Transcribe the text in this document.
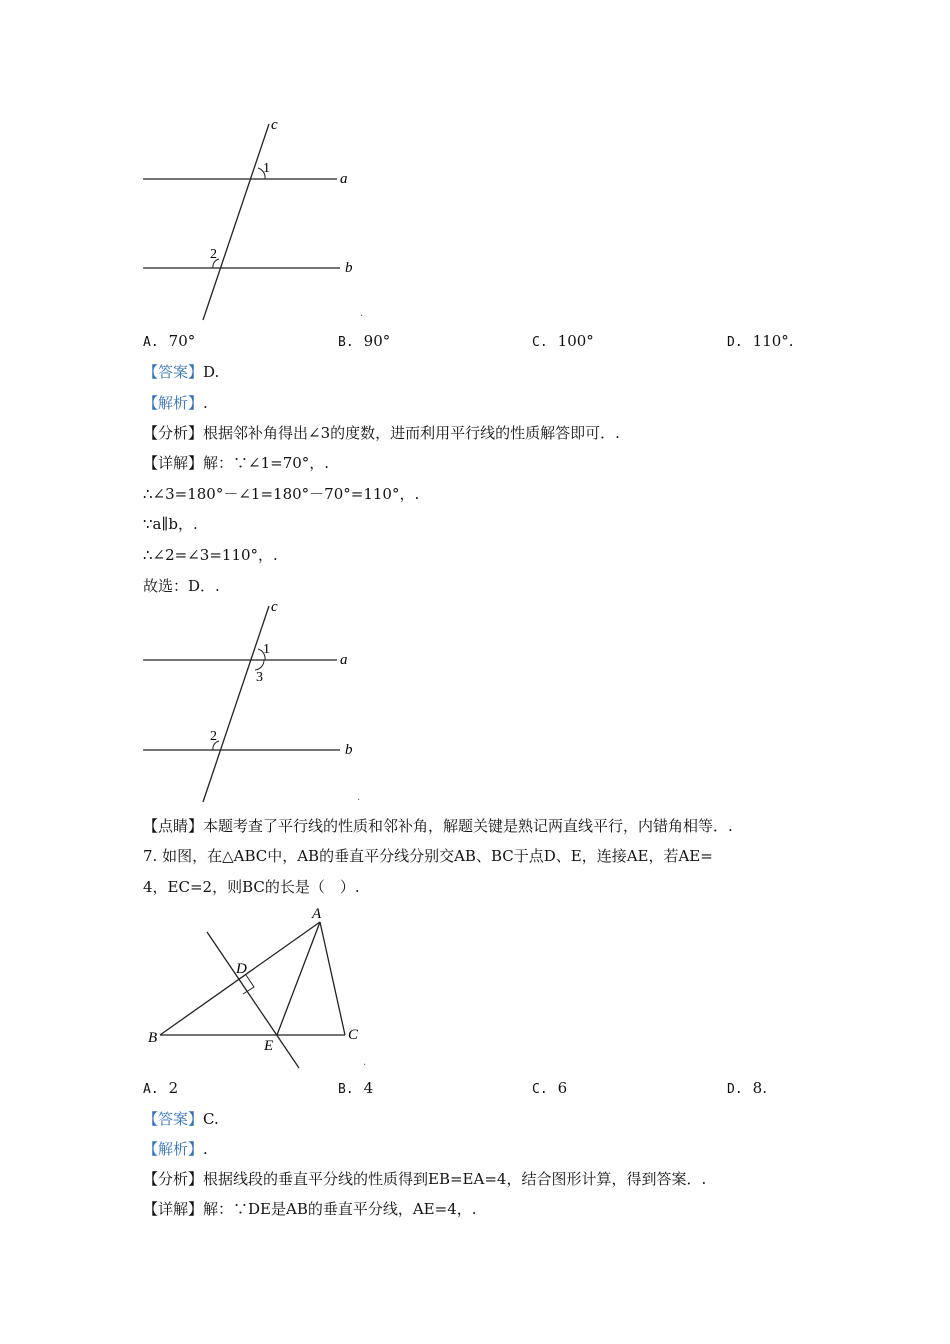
c
a
b
1
2
.
A. 70°	B. 90°	C. 100°	D. 110°.
【答案】D.
【解析】.
【分析】根据邻补角得出∠3的度数，进而利用平行线的性质解答即可．.
【详解】解：∵∠1=70°，.
∴∠3=180°－∠1=180°－70°=110°，.
∵a∥b，.
∴∠2=∠3=110°，.
故选：D．.
c
a
b
1
3
2
.
【点睛】本题考查了平行线的性质和邻补角，解题关键是熟记两直线平行，内错角相等．.
7. 如图，在△ABC中，AB的垂直平分线分别交AB、BC于点D、E，连接AE，若AE=
4，EC=2，则BC的长是（　）.
A
B	C
D
E
.
A. 2	B. 4	C. 6	D. 8.
【答案】C.
【解析】.
【分析】根据线段的垂直平分线的性质得到EB=EA=4，结合图形计算，得到答案．.
【详解】解：∵DE是AB的垂直平分线，AE=4，.
